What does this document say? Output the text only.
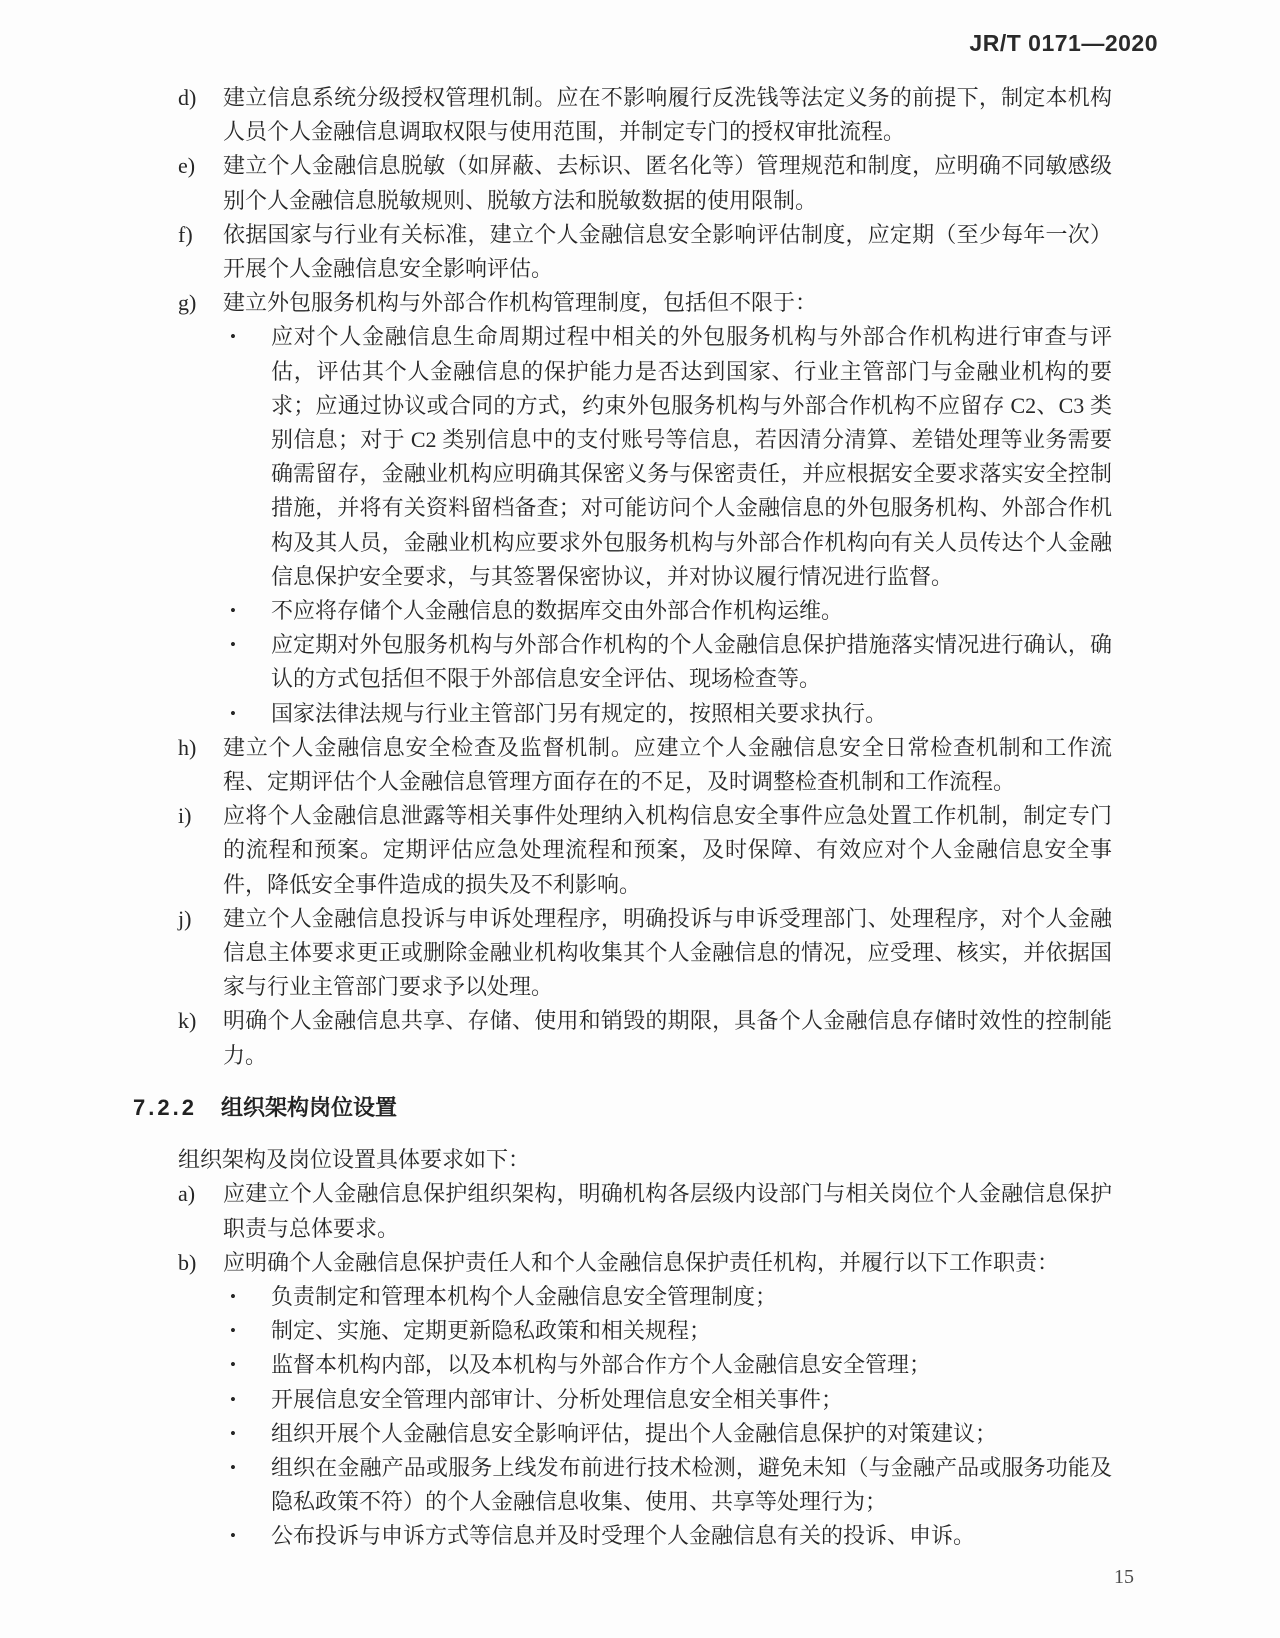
JR/T 0171—2020
d)	建立信息系统分级授权管理机制。应在不影响履行反洗钱等法定义务的前提下，制定本机构人员个人金融信息调取权限与使用范围，并制定专门的授权审批流程。
e)	建立个人金融信息脱敏（如屏蔽、去标识、匿名化等）管理规范和制度，应明确不同敏感级别个人金融信息脱敏规则、脱敏方法和脱敏数据的使用限制。
f)	依据国家与行业有关标准，建立个人金融信息安全影响评估制度，应定期（至少每年一次）开展个人金融信息安全影响评估。
g)	建立外包服务机构与外部合作机构管理制度，包括但不限于：
•	应对个人金融信息生命周期过程中相关的外包服务机构与外部合作机构进行审查与评估，评估其个人金融信息的保护能力是否达到国家、行业主管部门与金融业机构的要求；应通过协议或合同的方式，约束外包服务机构与外部合作机构不应留存 C2、C3 类别信息；对于 C2 类别信息中的支付账号等信息，若因清分清算、差错处理等业务需要确需留存，金融业机构应明确其保密义务与保密责任，并应根据安全要求落实安全控制措施，并将有关资料留档备查；对可能访问个人金融信息的外包服务机构、外部合作机构及其人员，金融业机构应要求外包服务机构与外部合作机构向有关人员传达个人金融信息保护安全要求，与其签署保密协议，并对协议履行情况进行监督。
•	不应将存储个人金融信息的数据库交由外部合作机构运维。
•	应定期对外包服务机构与外部合作机构的个人金融信息保护措施落实情况进行确认，确认的方式包括但不限于外部信息安全评估、现场检查等。
•	国家法律法规与行业主管部门另有规定的，按照相关要求执行。
h)	建立个人金融信息安全检查及监督机制。应建立个人金融信息安全日常检查机制和工作流程、定期评估个人金融信息管理方面存在的不足，及时调整检查机制和工作流程。
i)	应将个人金融信息泄露等相关事件处理纳入机构信息安全事件应急处置工作机制，制定专门的流程和预案。定期评估应急处理流程和预案，及时保障、有效应对个人金融信息安全事件，降低安全事件造成的损失及不利影响。
j)	建立个人金融信息投诉与申诉处理程序，明确投诉与申诉受理部门、处理程序，对个人金融信息主体要求更正或删除金融业机构收集其个人金融信息的情况，应受理、核实，并依据国家与行业主管部门要求予以处理。
k)	明确个人金融信息共享、存储、使用和销毁的期限，具备个人金融信息存储时效性的控制能力。
7.2.2 组织架构岗位设置

组织架构及岗位设置具体要求如下：

a)	应建立个人金融信息保护组织架构，明确机构各层级内设部门与相关岗位个人金融信息保护职责与总体要求。
b)	应明确个人金融信息保护责任人和个人金融信息保护责任机构，并履行以下工作职责：
•	负责制定和管理本机构个人金融信息安全管理制度；
•	制定、实施、定期更新隐私政策和相关规程；
•	监督本机构内部，以及本机构与外部合作方个人金融信息安全管理；
•	开展信息安全管理内部审计、分析处理信息安全相关事件；
•	组织开展个人金融信息安全影响评估，提出个人金融信息保护的对策建议；
•	组织在金融产品或服务上线发布前进行技术检测，避免未知（与金融产品或服务功能及隐私政策不符）的个人金融信息收集、使用、共享等处理行为；
•	公布投诉与申诉方式等信息并及时受理个人金融信息有关的投诉、申诉。
15
